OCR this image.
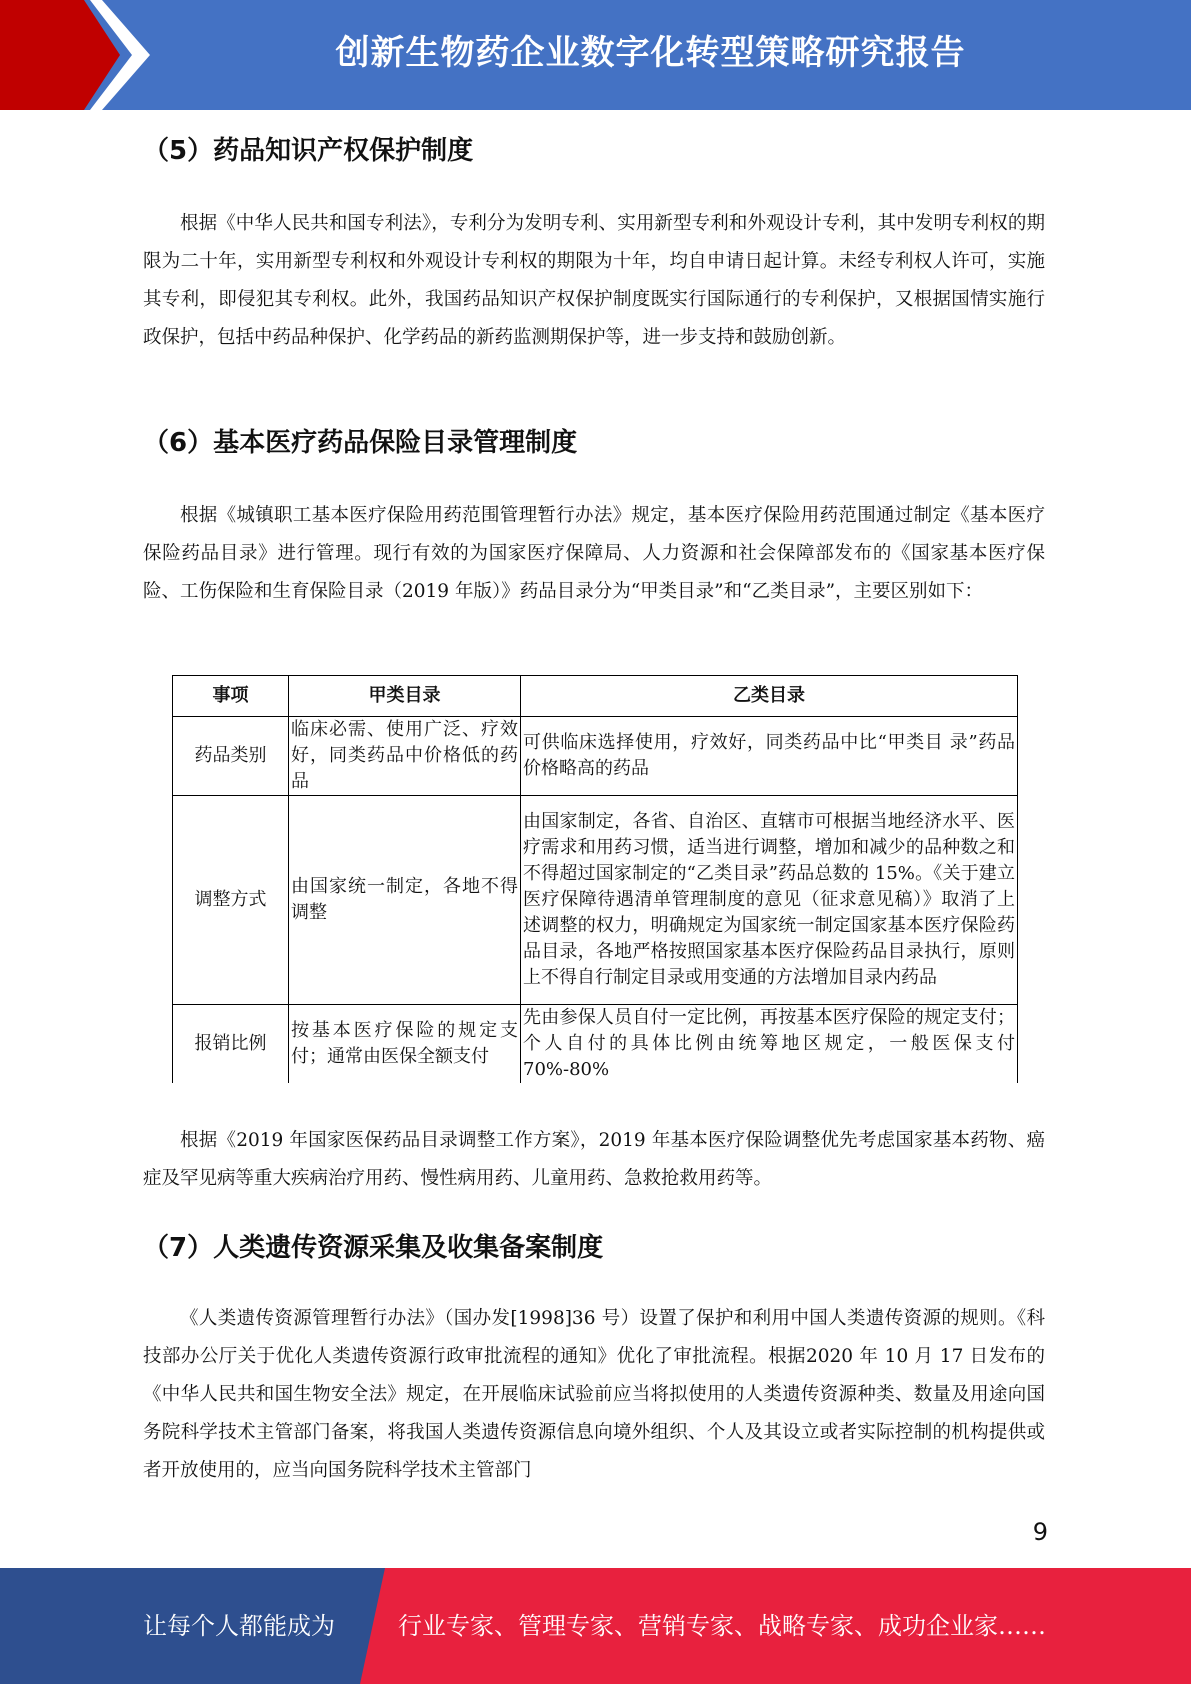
创新生物药企业数字化转型策略研究报告
（5）药品知识产权保护制度
根据《中华人民共和国专利法》，专利分为发明专利、实用新型专利和外观设计专利，其中发明专利权的期限为二十年，实用新型专利权和外观设计专利权的期限为十年，均自申请日起计算。未经专利权人许可，实施其专利，即侵犯其专利权。此外，我国药品知识产权保护制度既实行国际通行的专利保护，又根据国情实施行政保护，包括中药品种保护、化学药品的新药监测期保护等，进一步支持和鼓励创新。
（6）基本医疗药品保险目录管理制度
根据《城镇职工基本医疗保险用药范围管理暂行办法》规定，基本医疗保险用药范围通过制定《基本医疗保险药品目录》进行管理。现行有效的为国家医疗保障局、人力资源和社会保障部发布的《国家基本医疗保险、工伤保险和生育保险目录（2019 年版）》药品目录分为“甲类目录”和“乙类目录”，主要区别如下：
事项	甲类目录	乙类目录
药品类别	临床必需、使用广泛、疗效好，同类药品中价格低的药品	可供临床选择使用，疗效好，同类药品中比“甲类目 录”药品价格略高的药品
调整方式	由国家统一制定，各地不得调整	由国家制定，各省、自治区、直辖市可根据当地经济水平、医疗需求和用药习惯，适当进行调整，增加和减少的品种数之和不得超过国家制定的“乙类目录”药品总数的 15%。《关于建立医疗保障待遇清单管理制度的意见（征求意见稿）》取消了上述调整的权力，明确规定为国家统一制定国家基本医疗保险药品目录，各地严格按照国家基本医疗保险药品目录执行，原则上不得自行制定目录或用变通的方法增加目录内药品
报销比例	按基本医疗保险的规定支付；通常由医保全额支付	先由参保人员自付一定比例，再按基本医疗保险的规定支付；个人自付的具体比例由统筹地区规定，一般医保支付 70%-80%
根据《2019 年国家医保药品目录调整工作方案》，2019 年基本医疗保险调整优先考虑国家基本药物、癌症及罕见病等重大疾病治疗用药、慢性病用药、儿童用药、急救抢救用药等。
（7）人类遗传资源采集及收集备案制度
《人类遗传资源管理暂行办法》（国办发[1998]36 号）设置了保护和利用中国人类遗传资源的规则。《科技部办公厅关于优化人类遗传资源行政审批流程的通知》优化了审批流程。根据2020 年 10 月 17 日发布的《中华人民共和国生物安全法》规定，在开展临床试验前应当将拟使用的人类遗传资源种类、数量及用途向国务院科学技术主管部门备案，将我国人类遗传资源信息向境外组织、个人及其设立或者实际控制的机构提供或者开放使用的，应当向国务院科学技术主管部门
9
让每个人都能成为	行业专家、管理专家、营销专家、战略专家、成功企业家……
